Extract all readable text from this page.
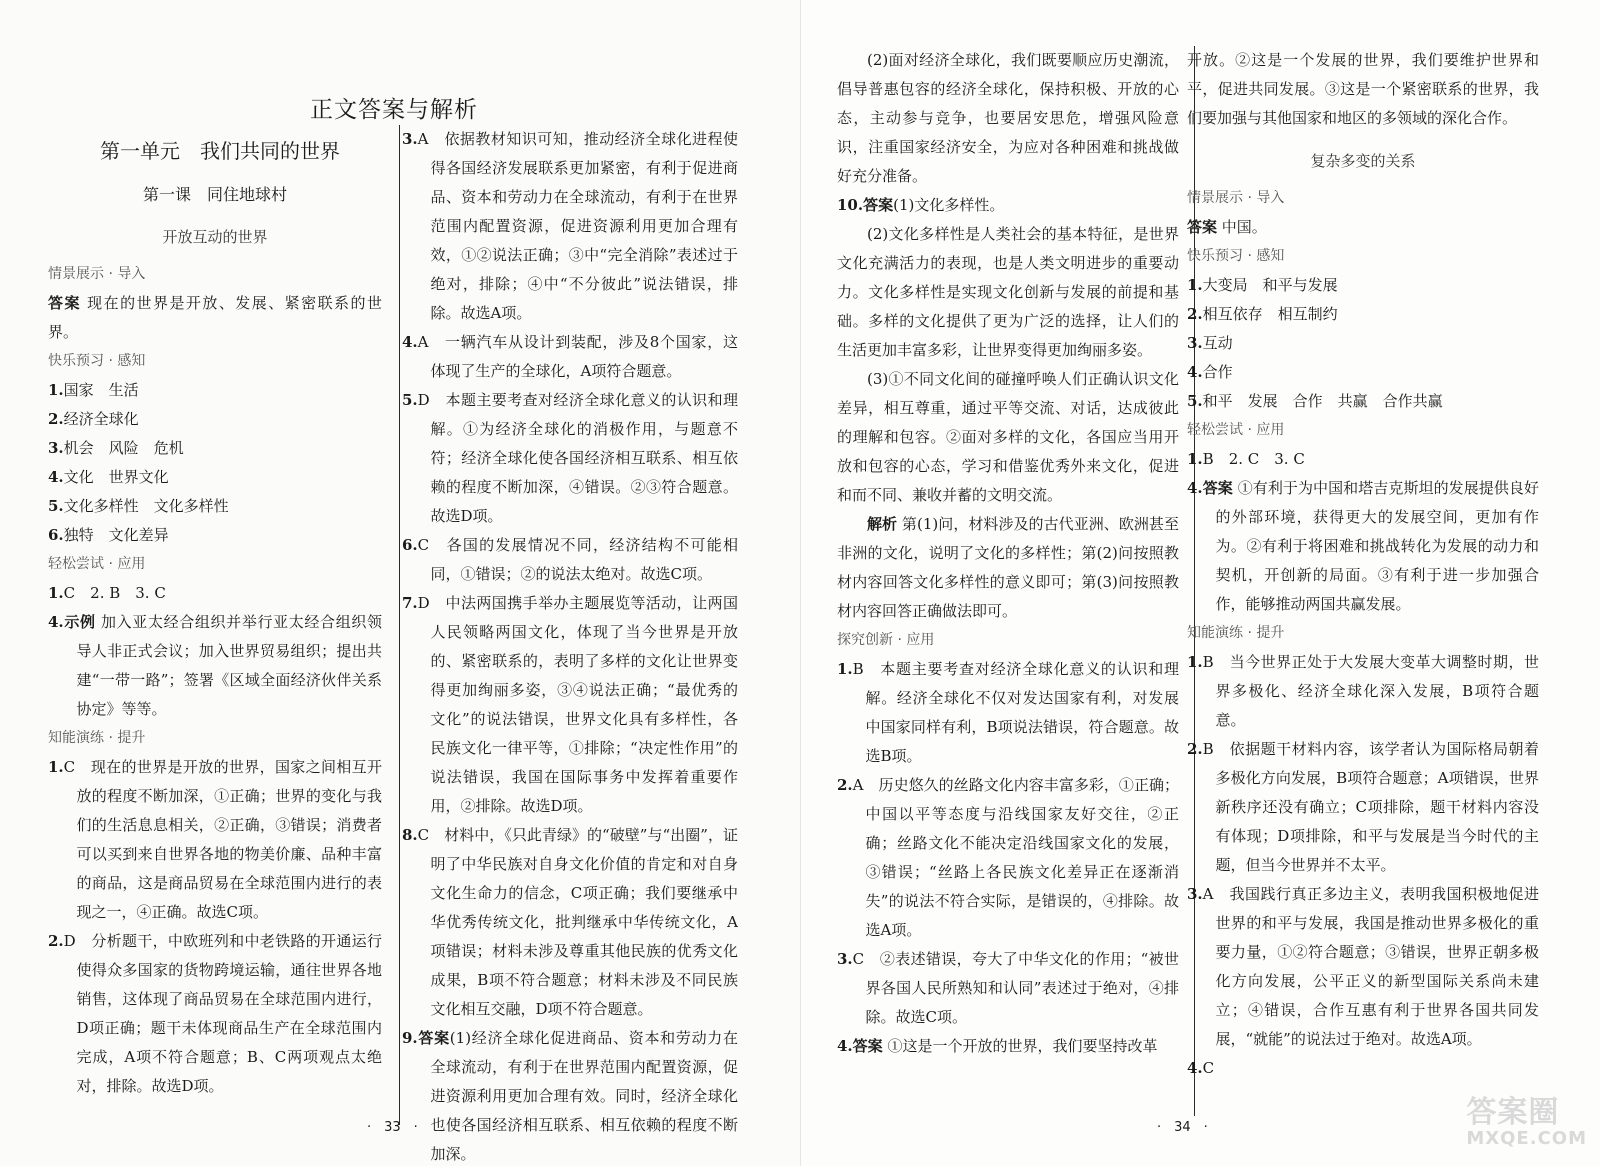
正文答案与解析
第一单元　我们共同的世界
第一课　同住地球村
开放互动的世界
情景展示 · 导入
答案 现在的世界是开放、发展、紧密联系的世界。
快乐预习 · 感知
1.国家　生活
2.经济全球化
3.机会　风险　危机
4.文化　世界文化
5.文化多样性　文化多样性
6.独特　文化差异
轻松尝试 · 应用
1.C　2. B　3. C
4.示例 加入亚太经合组织并举行亚太经合组织领导人非正式会议；加入世界贸易组织；提出共建“一带一路”；签署《区域全面经济伙伴关系协定》等等。
知能演练 · 提升
1.C　现在的世界是开放的世界，国家之间相互开放的程度不断加深，①正确；世界的变化与我们的生活息息相关，②正确，③错误；消费者可以买到来自世界各地的物美价廉、品种丰富的商品，这是商品贸易在全球范围内进行的表现之一，④正确。故选C项。
2.D　分析题干，中欧班列和中老铁路的开通运行使得众多国家的货物跨境运输，通往世界各地销售，这体现了商品贸易在全球范围内进行，D项正确；题干未体现商品生产在全球范围内完成，A项不符合题意；B、C两项观点太绝对，排除。故选D项。
3.A　依据教材知识可知，推动经济全球化进程使得各国经济发展联系更加紧密，有利于促进商品、资本和劳动力在全球流动，有利于在世界范围内配置资源，促进资源利用更加合理有效，①②说法正确；③中“完全消除”表述过于绝对，排除；④中“不分彼此”说法错误，排除。故选A项。
4.A　一辆汽车从设计到装配，涉及8个国家，这体现了生产的全球化，A项符合题意。
5.D　本题主要考查对经济全球化意义的认识和理解。①为经济全球化的消极作用，与题意不符；经济全球化使各国经济相互联系、相互依赖的程度不断加深，④错误。②③符合题意。故选D项。
6.C　各国的发展情况不同，经济结构不可能相同，①错误；②的说法太绝对。故选C项。
7.D　中法两国携手举办主题展览等活动，让两国人民领略两国文化，体现了当今世界是开放的、紧密联系的，表明了多样的文化让世界变得更加绚丽多姿，③④说法正确；“最优秀的文化”的说法错误，世界文化具有多样性，各民族文化一律平等，①排除；“决定性作用”的说法错误，我国在国际事务中发挥着重要作用，②排除。故选D项。
8.C　材料中，《只此青绿》的“破壁”与“出圈”，证明了中华民族对自身文化价值的肯定和对自身文化生命力的信念，C项正确；我们要继承中华优秀传统文化，批判继承中华传统文化，A项错误；材料未涉及尊重其他民族的优秀文化成果，B项不符合题意；材料未涉及不同民族文化相互交融，D项不符合题意。
9.答案(1)经济全球化促进商品、资本和劳动力在全球流动，有利于在世界范围内配置资源，促进资源利用更加合理有效。同时，经济全球化也使各国经济相互联系、相互依赖的程度不断加深。
·　33　·
(2)面对经济全球化，我们既要顺应历史潮流，倡导普惠包容的经济全球化，保持积极、开放的心态，主动参与竞争，也要居安思危，增强风险意识，注重国家经济安全，为应对各种困难和挑战做好充分准备。
10.答案(1)文化多样性。
(2)文化多样性是人类社会的基本特征，是世界文化充满活力的表现，也是人类文明进步的重要动力。文化多样性是实现文化创新与发展的前提和基础。多样的文化提供了更为广泛的选择，让人们的生活更加丰富多彩，让世界变得更加绚丽多姿。
(3)①不同文化间的碰撞呼唤人们正确认识文化差异，相互尊重，通过平等交流、对话，达成彼此的理解和包容。②面对多样的文化，各国应当用开放和包容的心态，学习和借鉴优秀外来文化，促进和而不同、兼收并蓄的文明交流。
解析 第(1)问，材料涉及的古代亚洲、欧洲甚至非洲的文化，说明了文化的多样性；第(2)问按照教材内容回答文化多样性的意义即可；第(3)问按照教材内容回答正确做法即可。
探究创新 · 应用
1.B　本题主要考查对经济全球化意义的认识和理解。经济全球化不仅对发达国家有利，对发展中国家同样有利，B项说法错误，符合题意。故选B项。
2.A　历史悠久的丝路文化内容丰富多彩，①正确；中国以平等态度与沿线国家友好交往，②正确；丝路文化不能决定沿线国家文化的发展，③错误；“丝路上各民族文化差异正在逐渐消失”的说法不符合实际，是错误的，④排除。故选A项。
3.C　②表述错误，夸大了中华文化的作用；“被世界各国人民所熟知和认同”表述过于绝对，④排除。故选C项。
4.答案 ①这是一个开放的世界，我们要坚持改革
开放。②这是一个发展的世界，我们要维护世界和平，促进共同发展。③这是一个紧密联系的世界，我们要加强与其他国家和地区的多领域的深化合作。
复杂多变的关系
情景展示 · 导入
答案 中国。
快乐预习 · 感知
1.大变局　和平与发展
2.相互依存　相互制约
3.互动
4.合作
5.和平　发展　合作　共赢　合作共赢
轻松尝试 · 应用
1.B　2. C　3. C
4.答案 ①有利于为中国和塔吉克斯坦的发展提供良好的外部环境，获得更大的发展空间，更加有作为。②有利于将困难和挑战转化为发展的动力和契机，开创新的局面。③有利于进一步加强合作，能够推动两国共赢发展。
知能演练 · 提升
1.B　当今世界正处于大发展大变革大调整时期，世界多极化、经济全球化深入发展，B项符合题意。
2.B　依据题干材料内容，该学者认为国际格局朝着多极化方向发展，B项符合题意；A项错误，世界新秩序还没有确立；C项排除，题干材料内容没有体现；D项排除，和平与发展是当今时代的主题，但当今世界并不太平。
3.A　我国践行真正多边主义，表明我国积极地促进世界的和平与发展，我国是推动世界多极化的重要力量，①②符合题意；③错误，世界正朝多极化方向发展，公平正义的新型国际关系尚未建立；④错误，合作互惠有利于世界各国共同发展，“就能”的说法过于绝对。故选A项。
4.C
·　34　·	答案圈
MXQE.COM
